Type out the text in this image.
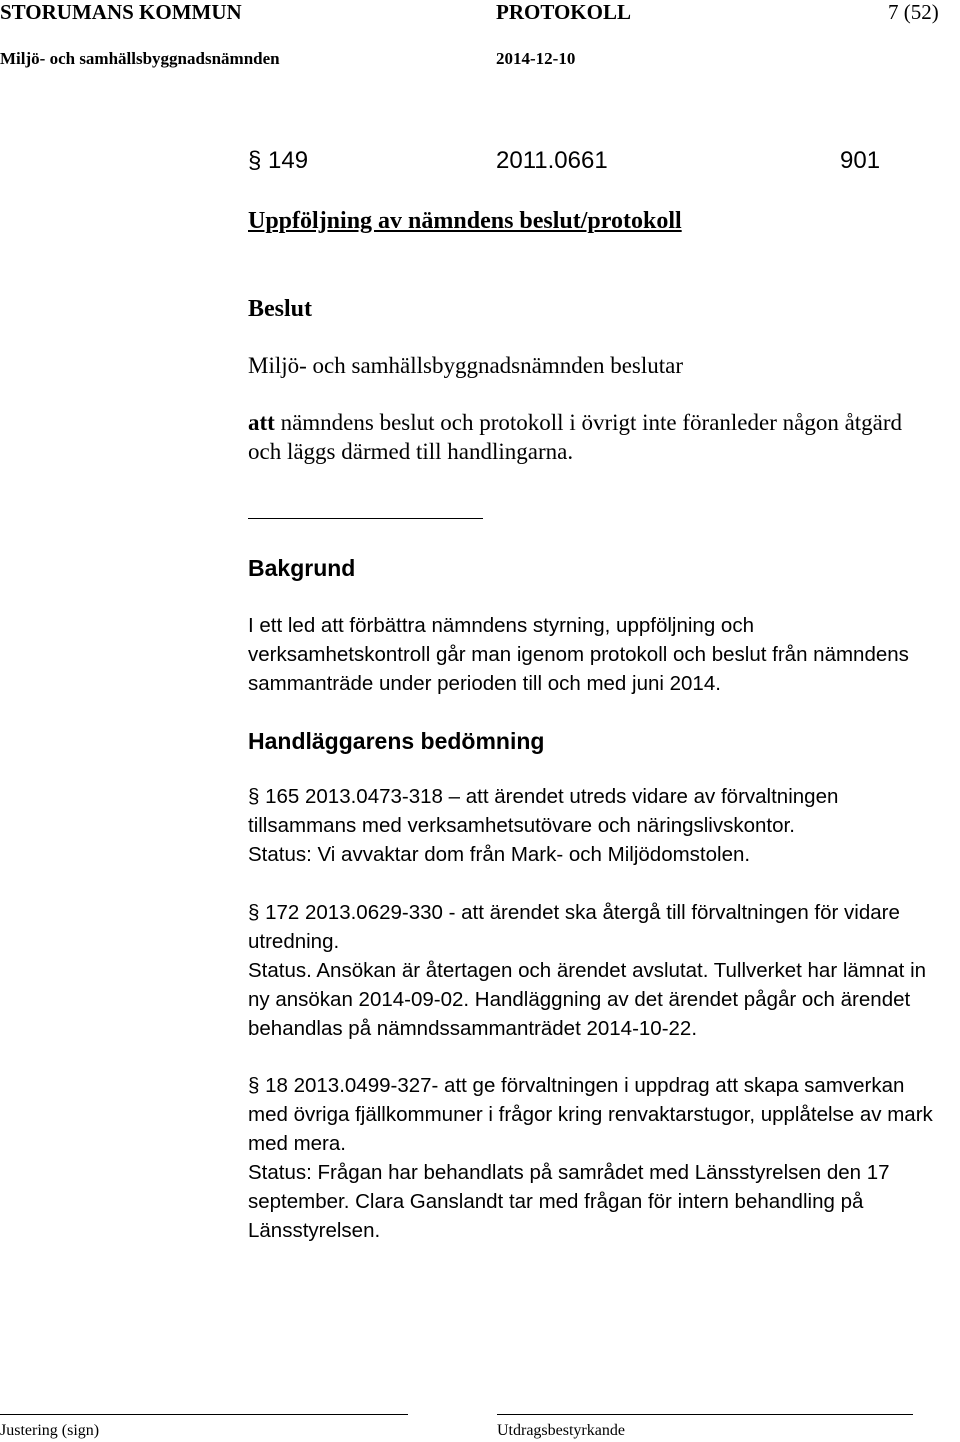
STORUMANS KOMMUN	PROTOKOLL	7 (52)
Miljö- och samhällsbyggnadsnämnden	2014-12-10
§ 149	2011.0661	901
Uppföljning av nämndens beslut/protokoll
Beslut
Miljö- och samhällsbyggnadsnämnden beslutar
att nämndens beslut och protokoll i övrigt inte föranleder någon åtgärd och läggs därmed till handlingarna.
Bakgrund
I ett led att förbättra nämndens styrning, uppföljning och verksamhetskontroll går man igenom protokoll och beslut från nämndens sammanträde under perioden till och med juni 2014.
Handläggarens bedömning
§ 165 2013.0473-318 – att ärendet utreds vidare av förvaltningen tillsammans med verksamhetsutövare och näringslivskontor.
Status: Vi avvaktar dom från Mark- och Miljödomstolen.
§ 172 2013.0629-330 - att ärendet ska återgå till förvaltningen för vidare utredning.
Status. Ansökan är återtagen och ärendet avslutat. Tullverket har lämnat in ny ansökan 2014-09-02. Handläggning av det ärendet pågår och ärendet behandlas på nämndssammanträdet 2014-10-22.
§ 18 2013.0499-327- att ge förvaltningen i uppdrag att skapa samverkan med övriga fjällkommuner i frågor kring renvaktarstugor, upplåtelse av mark med mera.
Status: Frågan har behandlats på samrådet med Länsstyrelsen den 17 september. Clara Ganslandt tar med frågan för intern behandling på Länsstyrelsen.
Justering (sign)	Utdragsbestyrkande
